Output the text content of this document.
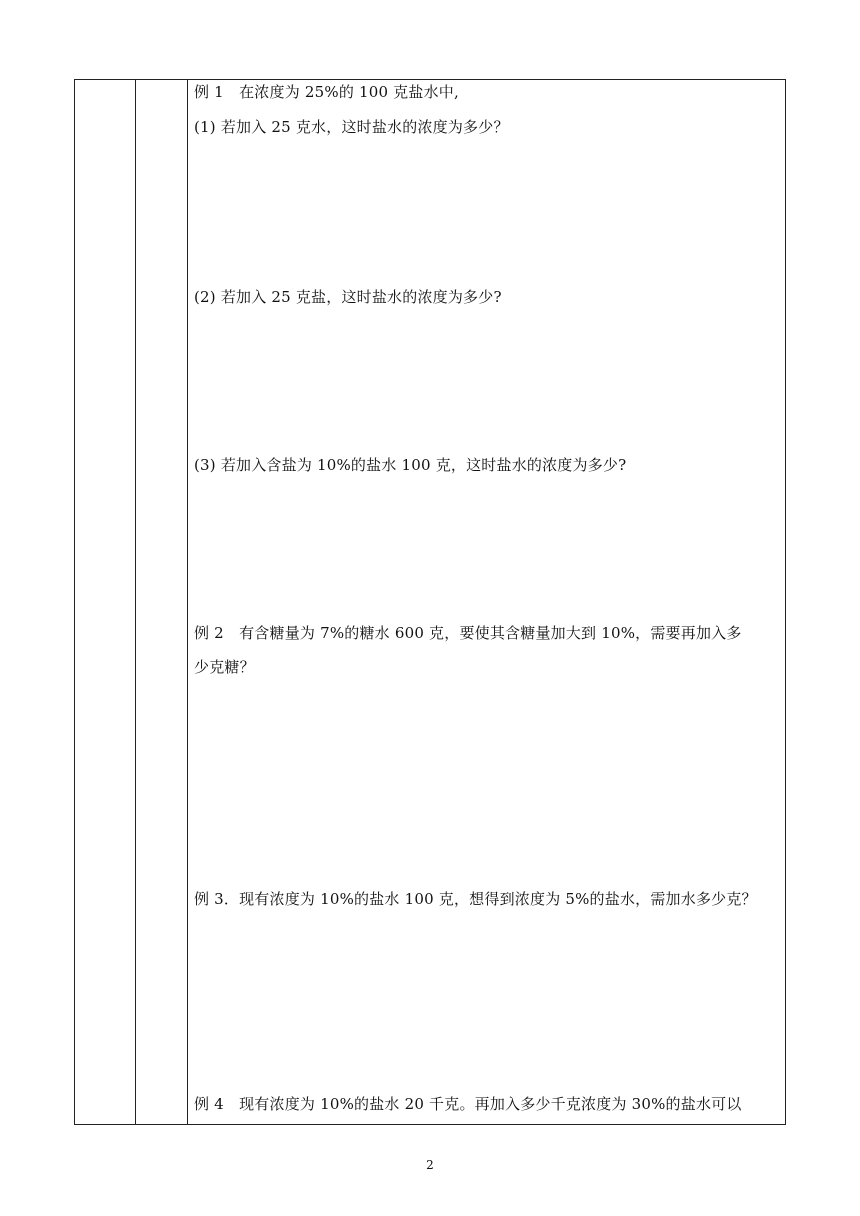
例 1　在浓度为 25%的 100 克盐水中,
(1) 若加入 25 克水，这时盐水的浓度为多少？
(2) 若加入 25 克盐，这时盐水的浓度为多少?
(3) 若加入含盐为 10%的盐水 100 克，这时盐水的浓度为多少?
例 2　有含糖量为 7%的糖水 600 克，要使其含糖量加大到 10%，需要再加入多
少克糖？
例 3．现有浓度为 10%的盐水 100 克，想得到浓度为 5%的盐水，需加水多少克？
例 4　现有浓度为 10%的盐水 20 千克。再加入多少千克浓度为 30%的盐水可以
2
